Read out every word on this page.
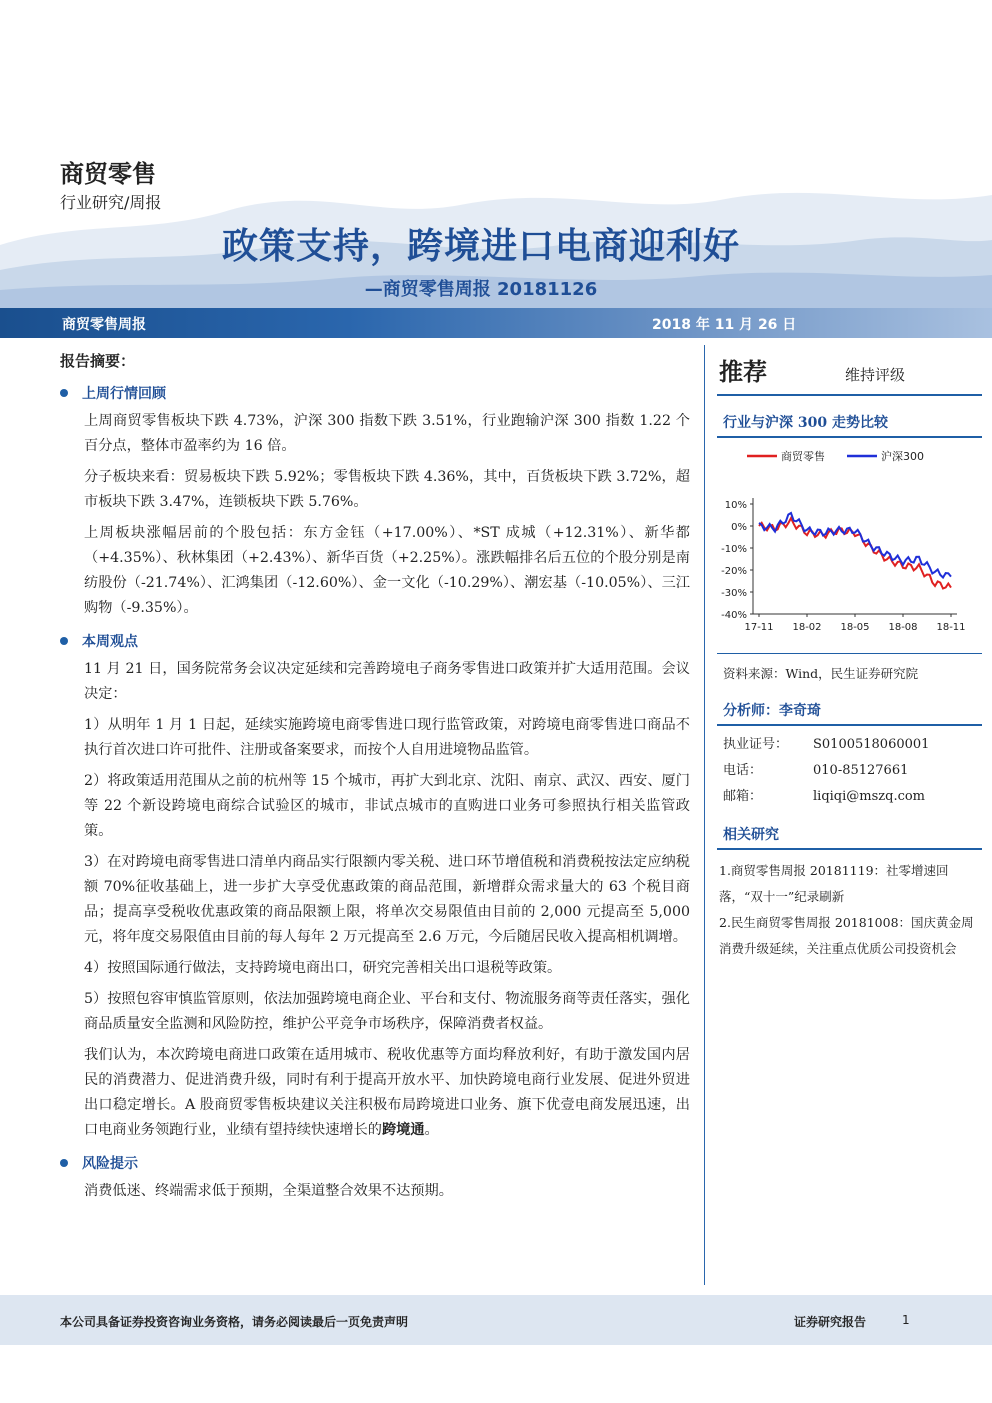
商贸零售
行业研究/周报
政策支持，跨境进口电商迎利好
—商贸零售周报 20181126
商贸零售周报	2018 年 11 月 26 日
报告摘要：
上周行情回顾

上周商贸零售板块下跌 4.73%，沪深 300 指数下跌 3.51%，行业跑输沪深 300 指数 1.22 个百分点，整体市盈率约为 16 倍。

分子板块来看：贸易板块下跌 5.92%；零售板块下跌 4.36%，其中，百货板块下跌 3.72%，超市板块下跌 3.47%，连锁板块下跌 5.76%。

上周板块涨幅居前的个股包括：东方金钰（+17.00%）、*ST 成城（+12.31%）、新华都（+4.35%）、秋林集团（+2.43%）、新华百货（+2.25%）。涨跌幅排名后五位的个股分别是南纺股份（-21.74%）、汇鸿集团（-12.60%）、金一文化（-10.29%）、潮宏基（-10.05%）、三江购物（-9.35%）。

本周观点

11 月 21 日，国务院常务会议决定延续和完善跨境电子商务零售进口政策并扩大适用范围。会议决定：

1）从明年 1 月 1 日起，延续实施跨境电商零售进口现行监管政策，对跨境电商零售进口商品不执行首次进口许可批件、注册或备案要求，而按个人自用进境物品监管。

2）将政策适用范围从之前的杭州等 15 个城市，再扩大到北京、沈阳、南京、武汉、西安、厦门等 22 个新设跨境电商综合试验区的城市，非试点城市的直购进口业务可参照执行相关监管政策。

3）在对跨境电商零售进口清单内商品实行限额内零关税、进口环节增值税和消费税按法定应纳税额 70%征收基础上，进一步扩大享受优惠政策的商品范围，新增群众需求量大的 63 个税目商品；提高享受税收优惠政策的商品限额上限，将单次交易限值由目前的 2,000 元提高至 5,000 元，将年度交易限值由目前的每人每年 2 万元提高至 2.6 万元，今后随居民收入提高相机调增。

4）按照国际通行做法，支持跨境电商出口，研究完善相关出口退税等政策。

5）按照包容审慎监管原则，依法加强跨境电商企业、平台和支付、物流服务商等责任落实，强化商品质量安全监测和风险防控，维护公平竞争市场秩序，保障消费者权益。

我们认为，本次跨境电商进口政策在适用城市、税收优惠等方面均释放利好，有助于激发国内居民的消费潜力、促进消费升级，同时有利于提高开放水平、加快跨境电商行业发展、促进外贸进出口稳定增长。A 股商贸零售板块建议关注积极布局跨境进口业务、旗下优壹电商发展迅速，出口电商业务领跑行业，业绩有望持续快速增长的跨境通。

风险提示

消费低迷、终端需求低于预期，全渠道整合效果不达预期。

推荐	维持评级
行业与沪深 300 走势比较
商贸零售	沪深300
10%
0%
-10%
-20%
-30%
-40%
17-11 18-02 18-05 18-08 18-11
资料来源：Wind，民生证券研究院
分析师：李奇琦
执业证号：	S0100518060001
电话：	010-85127661
邮箱：	liqiqi@mszq.com
相关研究
1.商贸零售周报 20181119：社零增速回落，“双十一”纪录刷新
2.民生商贸零售周报 20181008：国庆黄金周消费升级延续，关注重点优质公司投资机会
本公司具备证券投资咨询业务资格，请务必阅读最后一页免责声明	证券研究报告	1
